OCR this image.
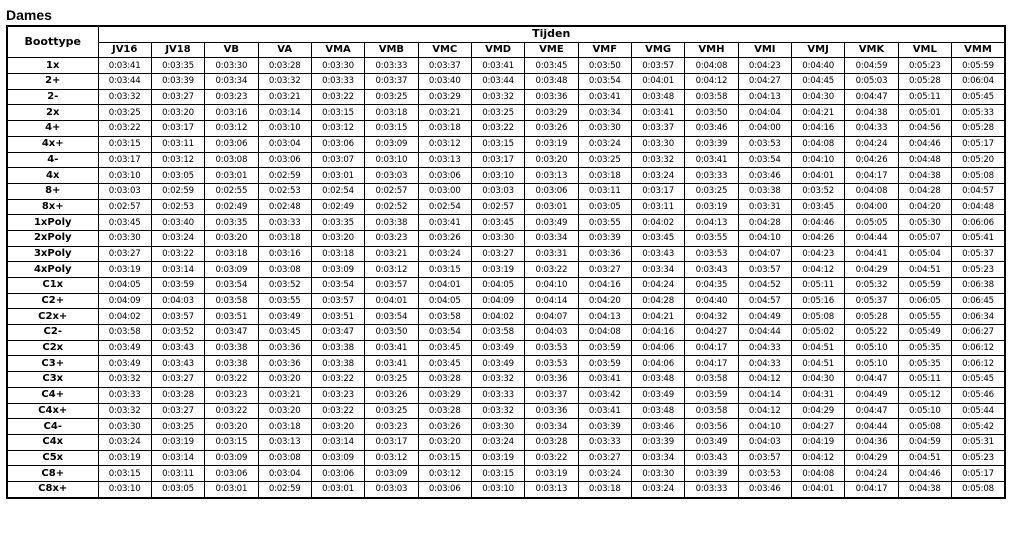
Dames
Boottype	Tijden																
	JV16	JV18	VB	VA	VMA	VMB	VMC	VMD	VME	VMF	VMG	VMH	VMI	VMJ	VMK	VML	VMM
1x	0:03:41	0:03:35	0:03:30	0:03:28	0:03:30	0:03:33	0:03:37	0:03:41	0:03:45	0:03:50	0:03:57	0:04:08	0:04:23	0:04:40	0:04:59	0:05:23	0:05:59
2+	0:03:44	0:03:39	0:03:34	0:03:32	0:03:33	0:03:37	0:03:40	0:03:44	0:03:48	0:03:54	0:04:01	0:04:12	0:04:27	0:04:45	0:05:03	0:05:28	0:06:04
2-	0:03:32	0:03:27	0:03:23	0:03:21	0:03:22	0:03:25	0:03:29	0:03:32	0:03:36	0:03:41	0:03:48	0:03:58	0:04:13	0:04:30	0:04:47	0:05:11	0:05:45
2x	0:03:25	0:03:20	0:03:16	0:03:14	0:03:15	0:03:18	0:03:21	0:03:25	0:03:29	0:03:34	0:03:41	0:03:50	0:04:04	0:04:21	0:04:38	0:05:01	0:05:33
4+	0:03:22	0:03:17	0:03:12	0:03:10	0:03:12	0:03:15	0:03:18	0:03:22	0:03:26	0:03:30	0:03:37	0:03:46	0:04:00	0:04:16	0:04:33	0:04:56	0:05:28
4x+	0:03:15	0:03:11	0:03:06	0:03:04	0:03:06	0:03:09	0:03:12	0:03:15	0:03:19	0:03:24	0:03:30	0:03:39	0:03:53	0:04:08	0:04:24	0:04:46	0:05:17
4-	0:03:17	0:03:12	0:03:08	0:03:06	0:03:07	0:03:10	0:03:13	0:03:17	0:03:20	0:03:25	0:03:32	0:03:41	0:03:54	0:04:10	0:04:26	0:04:48	0:05:20
4x	0:03:10	0:03:05	0:03:01	0:02:59	0:03:01	0:03:03	0:03:06	0:03:10	0:03:13	0:03:18	0:03:24	0:03:33	0:03:46	0:04:01	0:04:17	0:04:38	0:05:08
8+	0:03:03	0:02:59	0:02:55	0:02:53	0:02:54	0:02:57	0:03:00	0:03:03	0:03:06	0:03:11	0:03:17	0:03:25	0:03:38	0:03:52	0:04:08	0:04:28	0:04:57
8x+	0:02:57	0:02:53	0:02:49	0:02:48	0:02:49	0:02:52	0:02:54	0:02:57	0:03:01	0:03:05	0:03:11	0:03:19	0:03:31	0:03:45	0:04:00	0:04:20	0:04:48
1xPoly	0:03:45	0:03:40	0:03:35	0:03:33	0:03:35	0:03:38	0:03:41	0:03:45	0:03:49	0:03:55	0:04:02	0:04:13	0:04:28	0:04:46	0:05:05	0:05:30	0:06:06
2xPoly	0:03:30	0:03:24	0:03:20	0:03:18	0:03:20	0:03:23	0:03:26	0:03:30	0:03:34	0:03:39	0:03:45	0:03:55	0:04:10	0:04:26	0:04:44	0:05:07	0:05:41
3xPoly	0:03:27	0:03:22	0:03:18	0:03:16	0:03:18	0:03:21	0:03:24	0:03:27	0:03:31	0:03:36	0:03:43	0:03:53	0:04:07	0:04:23	0:04:41	0:05:04	0:05:37
4xPoly	0:03:19	0:03:14	0:03:09	0:03:08	0:03:09	0:03:12	0:03:15	0:03:19	0:03:22	0:03:27	0:03:34	0:03:43	0:03:57	0:04:12	0:04:29	0:04:51	0:05:23
C1x	0:04:05	0:03:59	0:03:54	0:03:52	0:03:54	0:03:57	0:04:01	0:04:05	0:04:10	0:04:16	0:04:24	0:04:35	0:04:52	0:05:11	0:05:32	0:05:59	0:06:38
C2+	0:04:09	0:04:03	0:03:58	0:03:55	0:03:57	0:04:01	0:04:05	0:04:09	0:04:14	0:04:20	0:04:28	0:04:40	0:04:57	0:05:16	0:05:37	0:06:05	0:06:45
C2x+	0:04:02	0:03:57	0:03:51	0:03:49	0:03:51	0:03:54	0:03:58	0:04:02	0:04:07	0:04:13	0:04:21	0:04:32	0:04:49	0:05:08	0:05:28	0:05:55	0:06:34
C2-	0:03:58	0:03:52	0:03:47	0:03:45	0:03:47	0:03:50	0:03:54	0:03:58	0:04:03	0:04:08	0:04:16	0:04:27	0:04:44	0:05:02	0:05:22	0:05:49	0:06:27
C2x	0:03:49	0:03:43	0:03:38	0:03:36	0:03:38	0:03:41	0:03:45	0:03:49	0:03:53	0:03:59	0:04:06	0:04:17	0:04:33	0:04:51	0:05:10	0:05:35	0:06:12
C3+	0:03:49	0:03:43	0:03:38	0:03:36	0:03:38	0:03:41	0:03:45	0:03:49	0:03:53	0:03:59	0:04:06	0:04:17	0:04:33	0:04:51	0:05:10	0:05:35	0:06:12
C3x	0:03:32	0:03:27	0:03:22	0:03:20	0:03:22	0:03:25	0:03:28	0:03:32	0:03:36	0:03:41	0:03:48	0:03:58	0:04:12	0:04:30	0:04:47	0:05:11	0:05:45
C4+	0:03:33	0:03:28	0:03:23	0:03:21	0:03:23	0:03:26	0:03:29	0:03:33	0:03:37	0:03:42	0:03:49	0:03:59	0:04:14	0:04:31	0:04:49	0:05:12	0:05:46
C4x+	0:03:32	0:03:27	0:03:22	0:03:20	0:03:22	0:03:25	0:03:28	0:03:32	0:03:36	0:03:41	0:03:48	0:03:58	0:04:12	0:04:29	0:04:47	0:05:10	0:05:44
C4-	0:03:30	0:03:25	0:03:20	0:03:18	0:03:20	0:03:23	0:03:26	0:03:30	0:03:34	0:03:39	0:03:46	0:03:56	0:04:10	0:04:27	0:04:44	0:05:08	0:05:42
C4x	0:03:24	0:03:19	0:03:15	0:03:13	0:03:14	0:03:17	0:03:20	0:03:24	0:03:28	0:03:33	0:03:39	0:03:49	0:04:03	0:04:19	0:04:36	0:04:59	0:05:31
C5x	0:03:19	0:03:14	0:03:09	0:03:08	0:03:09	0:03:12	0:03:15	0:03:19	0:03:22	0:03:27	0:03:34	0:03:43	0:03:57	0:04:12	0:04:29	0:04:51	0:05:23
C8+	0:03:15	0:03:11	0:03:06	0:03:04	0:03:06	0:03:09	0:03:12	0:03:15	0:03:19	0:03:24	0:03:30	0:03:39	0:03:53	0:04:08	0:04:24	0:04:46	0:05:17
C8x+	0:03:10	0:03:05	0:03:01	0:02:59	0:03:01	0:03:03	0:03:06	0:03:10	0:03:13	0:03:18	0:03:24	0:03:33	0:03:46	0:04:01	0:04:17	0:04:38	0:05:08
